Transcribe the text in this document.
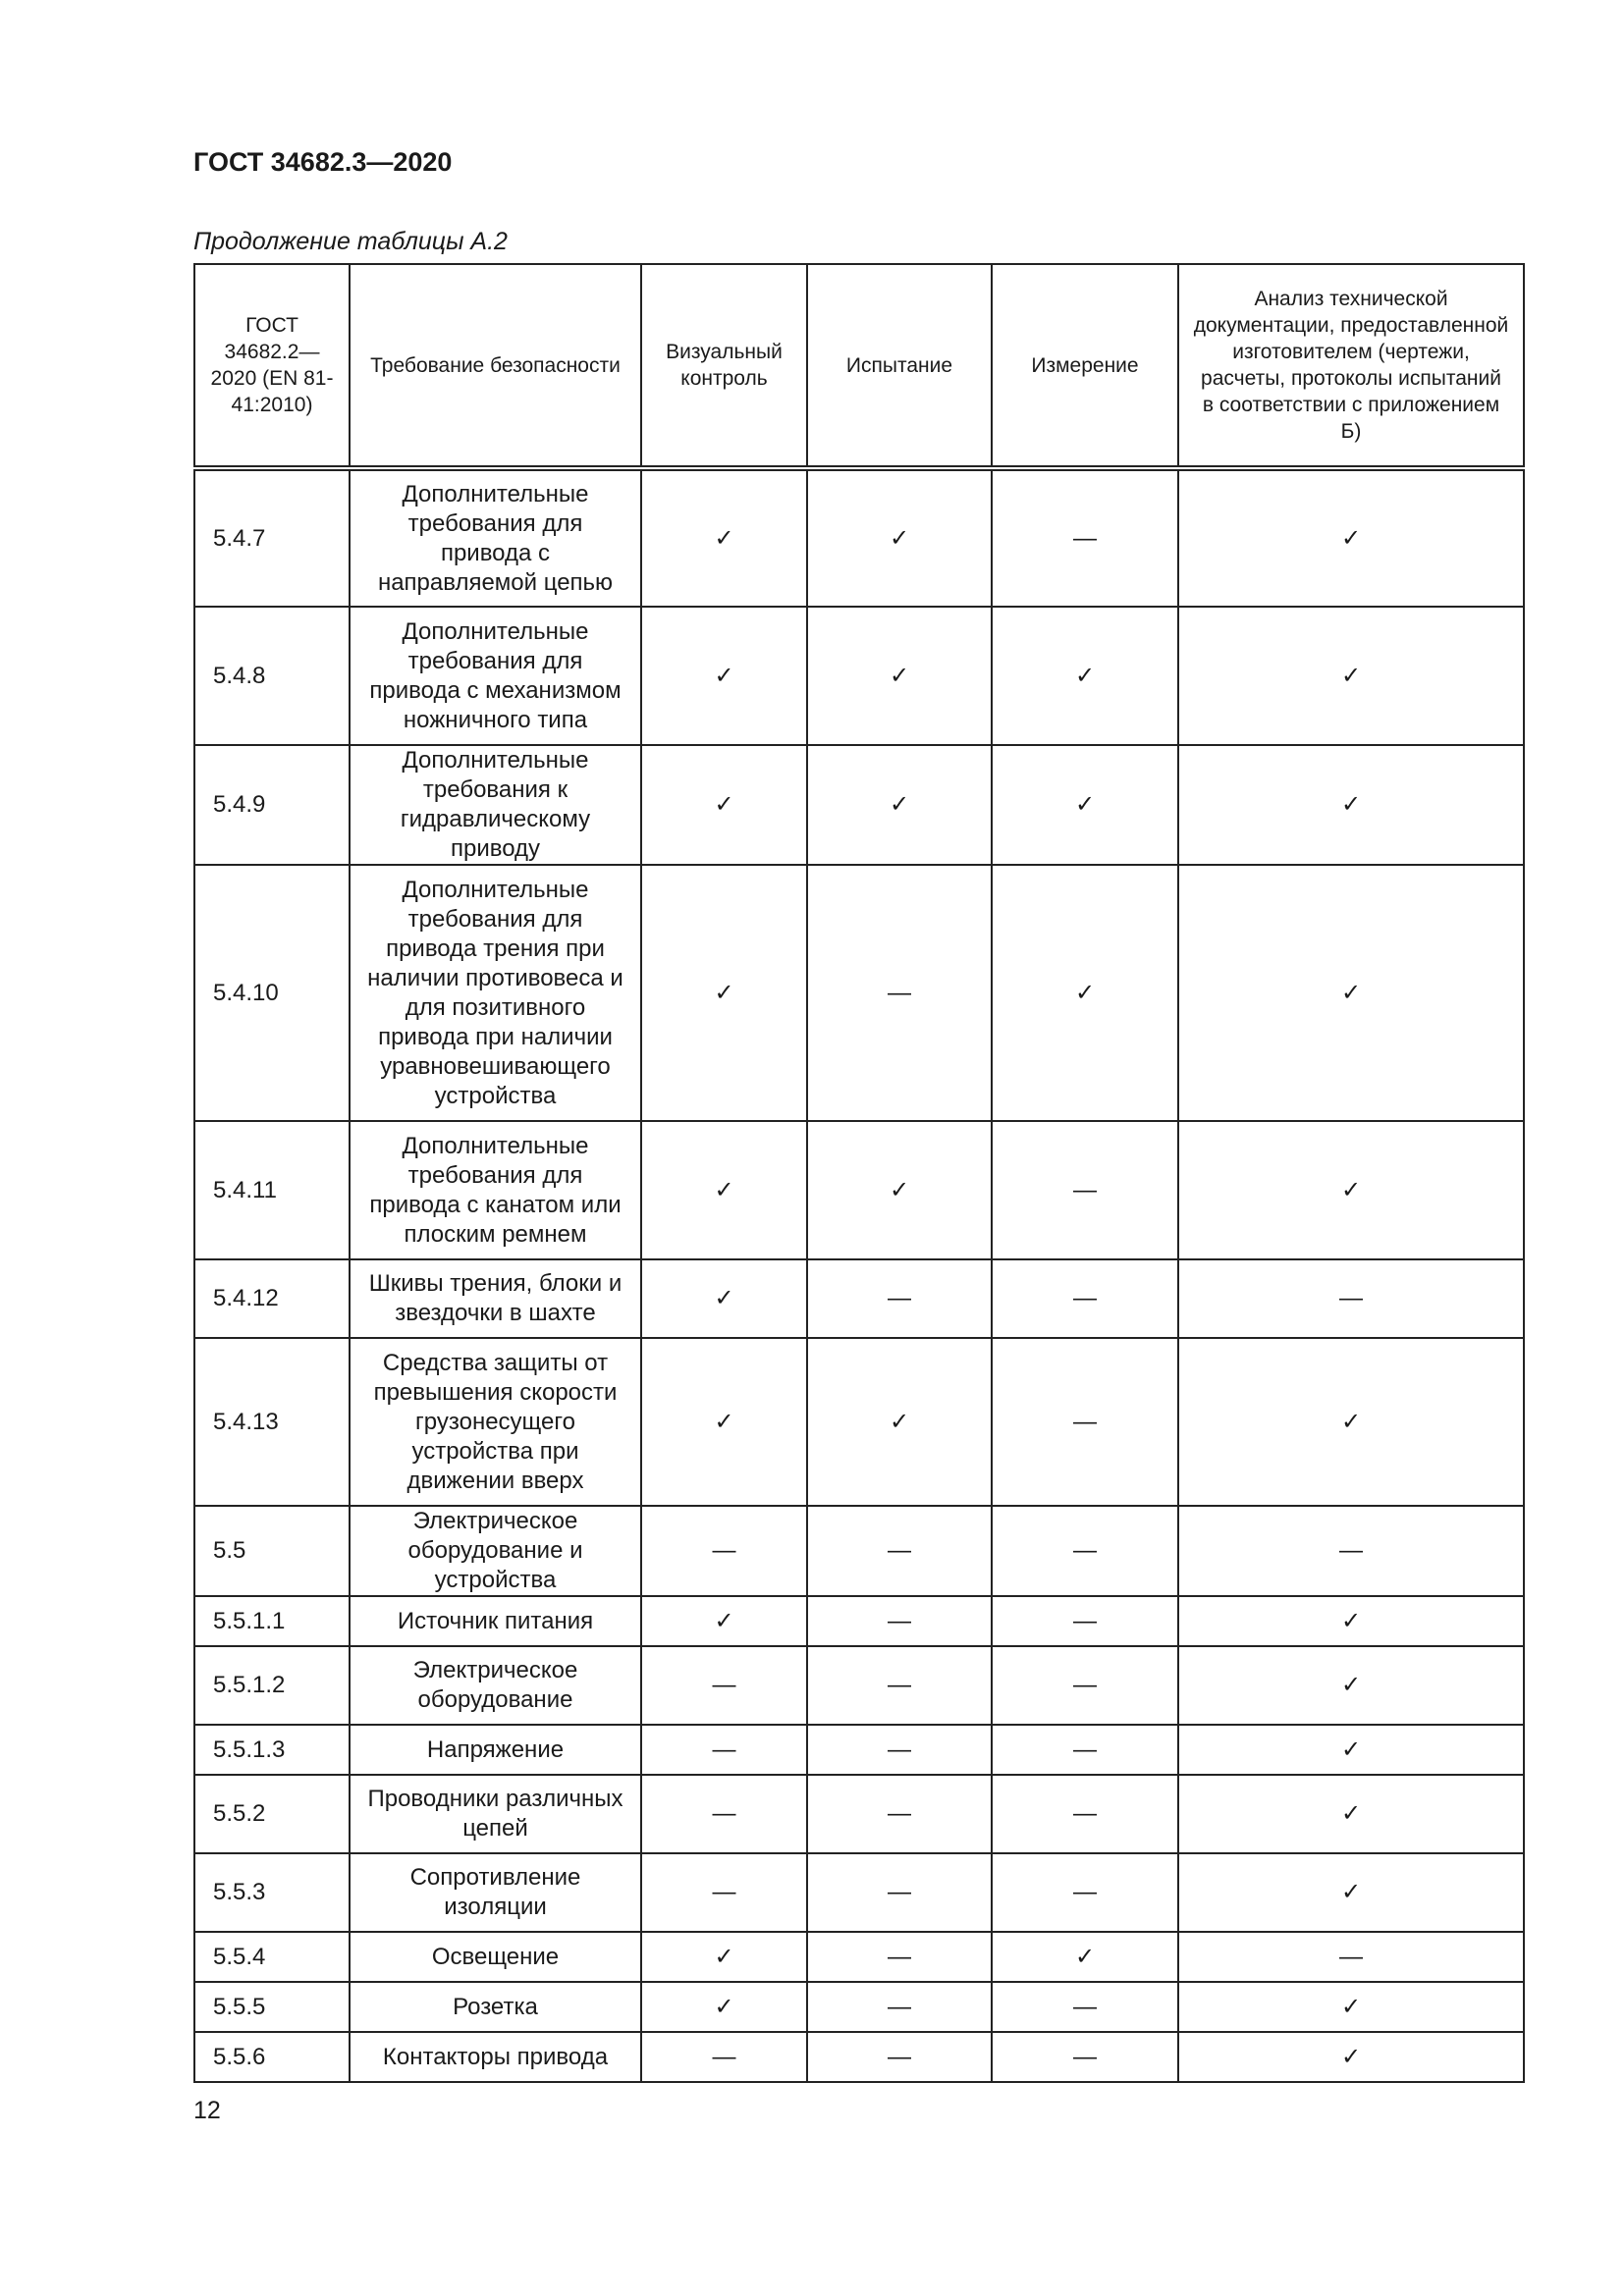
ГОСТ 34682.3—2020
Продолжение таблицы А.2
ГОСТ 34682.2—2020 (EN 81-41:2010)	Требование безопасности	Визуальный контроль	Испытание	Измерение	Анализ технической документации, предоставленной изготовителем (чертежи, расчеты, протоколы испытаний в соответствии с приложением Б)
5.4.7	Дополнительные требования для привода с направляемой цепью	✓	✓	—	✓
5.4.8	Дополнительные требования для привода с механизмом ножничного типа	✓	✓	✓	✓
5.4.9	Дополнительные требования к гидравлическому приводу	✓	✓	✓	✓
5.4.10	Дополнительные требования для привода трения при наличии противовеса и для позитивного привода при наличии уравновешивающего устройства	✓	—	✓	✓
5.4.11	Дополнительные требования для привода с канатом или плоским ремнем	✓	✓	—	✓
5.4.12	Шкивы трения, блоки и звездочки в шахте	✓	—	—	—
5.4.13	Средства защиты от превышения скорости грузонесущего устройства при движении вверх	✓	✓	—	✓
5.5	Электрическое оборудование и устройства	—	—	—	—
5.5.1.1	Источник питания	✓	—	—	✓
5.5.1.2	Электрическое оборудование	—	—	—	✓
5.5.1.3	Напряжение	—	—	—	✓
5.5.2	Проводники различных цепей	—	—	—	✓
5.5.3	Сопротивление изоляции	—	—	—	✓
5.5.4	Освещение	✓	—	✓	—
5.5.5	Розетка	✓	—	—	✓
5.5.6	Контакторы привода	—	—	—	✓
12
